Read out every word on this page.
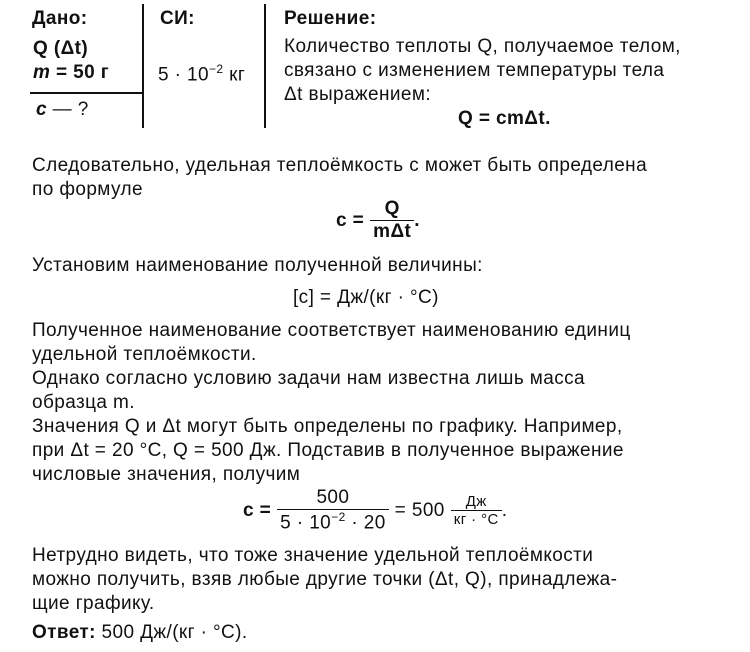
Дано:
Q (Δt)
m = 50 г
c — ?
СИ:
$5 \cdot 10^{-2}$ кг
Решение:
Количество теплоты Q, получаемое телом,
связано с изменением температуры тела
Δt выражением:
Q = cmΔt.
Следовательно, удельная теплоёмкость c может быть определена
по формуле
$c = \frac{Q}{\text{mΔt}}$ .
Установим наименование полученной величины:
[c] = Дж/(кг · °С)
Полученное наименование соответствует наименованию единиц
удельной теплоёмкости.
Однако согласно условию задачи нам известна лишь масса
образца m.
Значения Q и Δt могут быть определены по графику. Например,
при Δt = 20 °С, Q = 500 Дж. Подставив в полученное выражение
числовые значения, получим
$c = \frac{500}{5 \cdot 10^{-2} \cdot 20} = 500 \frac{Дж}{кг \cdot ^\circ С}$ .
Нетрудно видеть, что тоже значение удельной теплоёмкости
можно получить, взяв любые другие точки (Δt, Q), принадлежа-
щие графику.
Ответ: 500 Дж/(кг · °С).
